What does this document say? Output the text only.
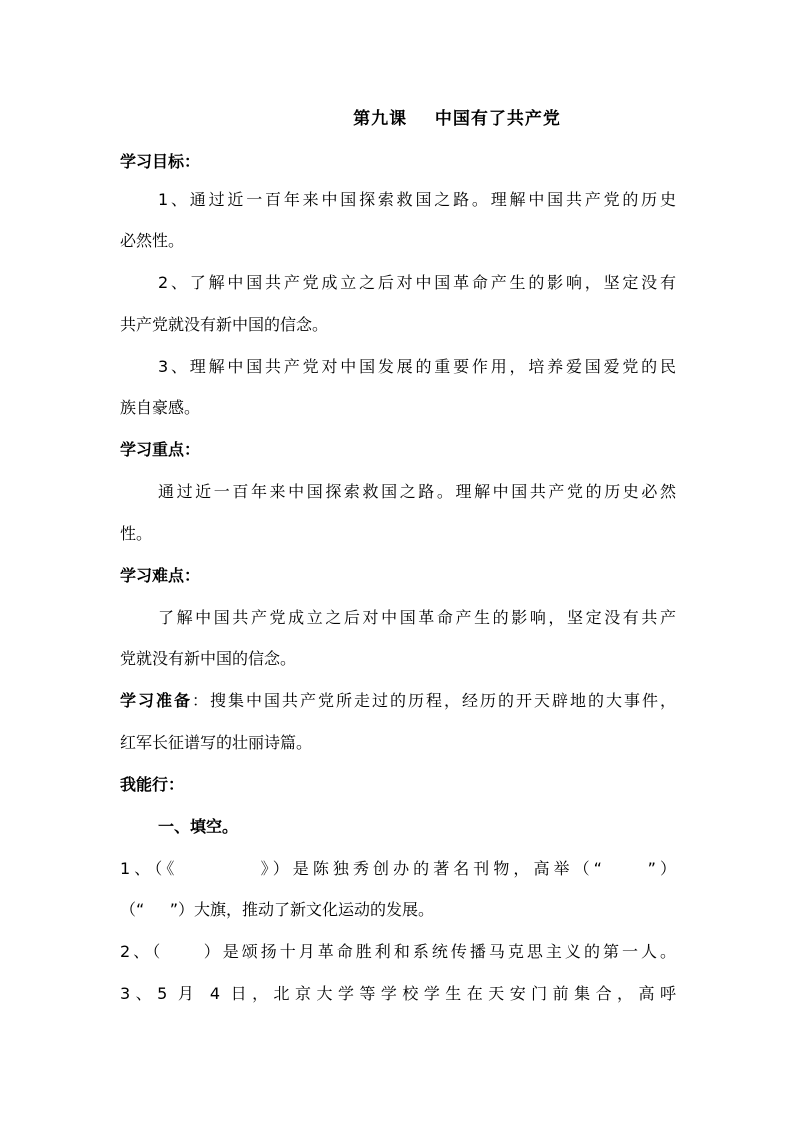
第九课    中国有了共产党
学习目标：
1、通过近一百年来中国探索救国之路。理解中国共产党的历史
必然性。
2、了解中国共产党成立之后对中国革命产生的影响，坚定没有
共产党就没有新中国的信念。
3、理解中国共产党对中国发展的重要作用，培养爱国爱党的民
族自豪感。
学习重点：
通过近一百年来中国探索救国之路。理解中国共产党的历史必然
性。
学习难点：
了解中国共产党成立之后对中国革命产生的影响，坚定没有共产
党就没有新中国的信念。
学习准备：搜集中国共产党所走过的历程，经历的开天辟地的大事件，
红军长征谱写的壮丽诗篇。
我能行：
一、填空。
1、（《         》）是陈独秀创办的著名刊物，高举（“     ”）
（“     ”）大旗，推动了新文化运动的发展。
2、（     ）是颂扬十月革命胜利和系统传播马克思主义的第一人。
3、5 月 4 日，北京大学等学校学生在天安门前集合，高呼
